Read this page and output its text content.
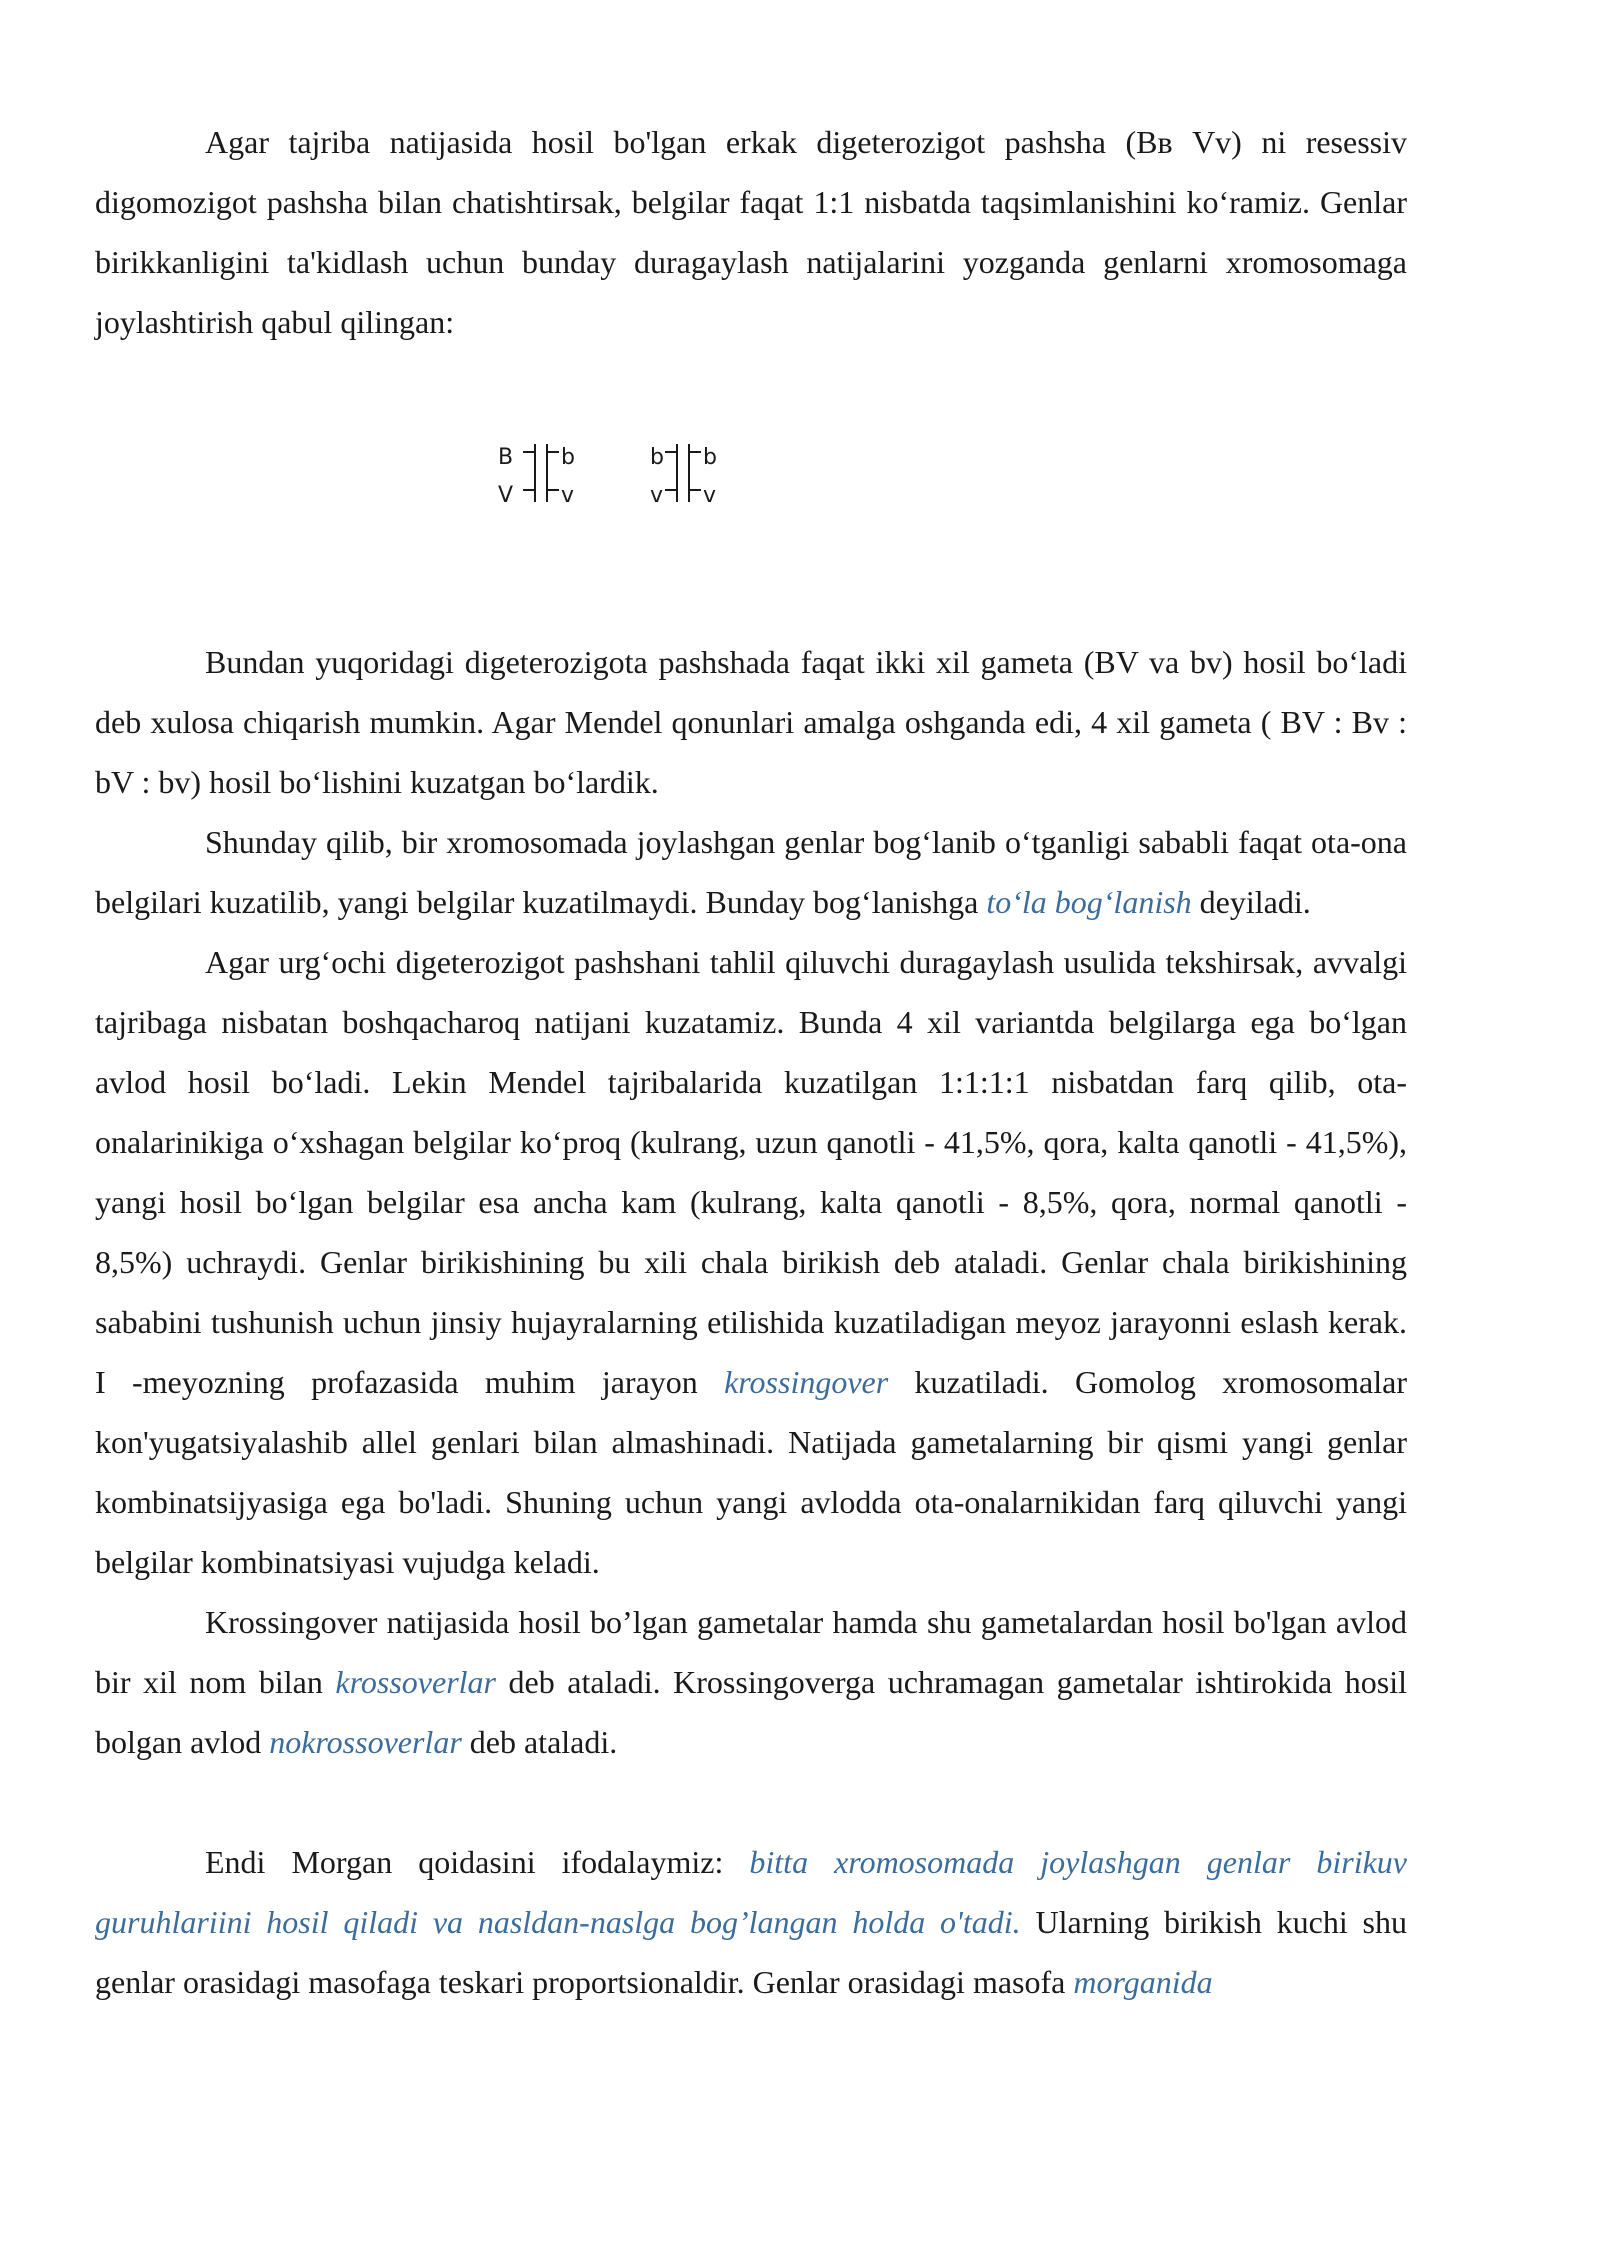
Agar tajriba natijasida hosil bo'lgan erkak digeterozigot pashsha (Bв Vv) ni resessiv digomozigot pashsha bilan chatishtirsak, belgilar faqat 1:1 nisbatda taqsimlanishini ko‘ramiz. Genlar birikkanligini ta'kidlash uchun bunday duragaylash natijalarini yozganda genlarni xromosomaga joylashtirish qabul qilingan:

B
V
b
v
b
v
b
v

Bundan yuqoridagi digeterozigota pashshada faqat ikki xil gameta (BV va bv) hosil bo‘ladi deb xulosa chiqarish mumkin. Agar Mendel qonunlari amalga oshganda edi, 4 xil gameta ( BV : Bv : bV : bv) hosil bo‘lishini kuzatgan bo‘lardik.

Shunday qilib, bir xromosomada joylashgan genlar bog‘lanib o‘tganligi sababli faqat ota-ona belgilari kuzatilib, yangi belgilar kuzatilmaydi. Bunday bog‘lanishga to‘la bog‘lanish deyiladi.

Agar urg‘ochi digeterozigot pashshani tahlil qiluvchi duragaylash usulida tekshirsak, avvalgi tajribaga nisbatan boshqacharoq natijani kuzatamiz. Bunda 4 xil variantda belgilarga ega bo‘lgan avlod hosil bo‘ladi. Lekin Mendel tajribalarida kuzatilgan 1:1:1:1 nisbatdan farq qilib, ota-onalarinikiga o‘xshagan belgilar ko‘proq (kulrang, uzun qanotli - 41,5%, qora, kalta qanotli - 41,5%), yangi hosil bo‘lgan belgilar esa ancha kam (kulrang, kalta qanotli - 8,5%, qora, normal qanotli - 8,5%) uchraydi. Genlar birikishining bu xili chala birikish deb ataladi. Genlar chala birikishining sababini tushunish uchun jinsiy hujayralarning etilishida kuzatiladigan meyoz jarayonni eslash kerak. I -meyozning profazasida muhim jarayon krossingover kuzatiladi. Gomolog xromosomalar kon'yugatsiyalashib allel genlari bilan almashinadi. Natijada gametalarning bir qismi yangi genlar kombinatsijyasiga ega bo'ladi. Shuning uchun yangi avlodda ota-onalarnikidan farq qiluvchi yangi belgilar kombinatsiyasi vujudga keladi.

Krossingover natijasida hosil bo’lgan gametalar hamda shu gametalardan hosil bo'lgan avlod bir xil nom bilan krossoverlar deb ataladi. Krossingoverga uchramagan gametalar ishtirokida hosil bolgan avlod nokrossoverlar deb ataladi.

Endi Morgan qoidasini ifodalaymiz: bitta xromosomada joylashgan genlar birikuv guruhlariini hosil qiladi va nasldan-naslga bog’langan holda o'tadi. Ularning birikish kuchi shu genlar orasidagi masofaga teskari proportsionaldir. Genlar orasidagi masofa morganida
